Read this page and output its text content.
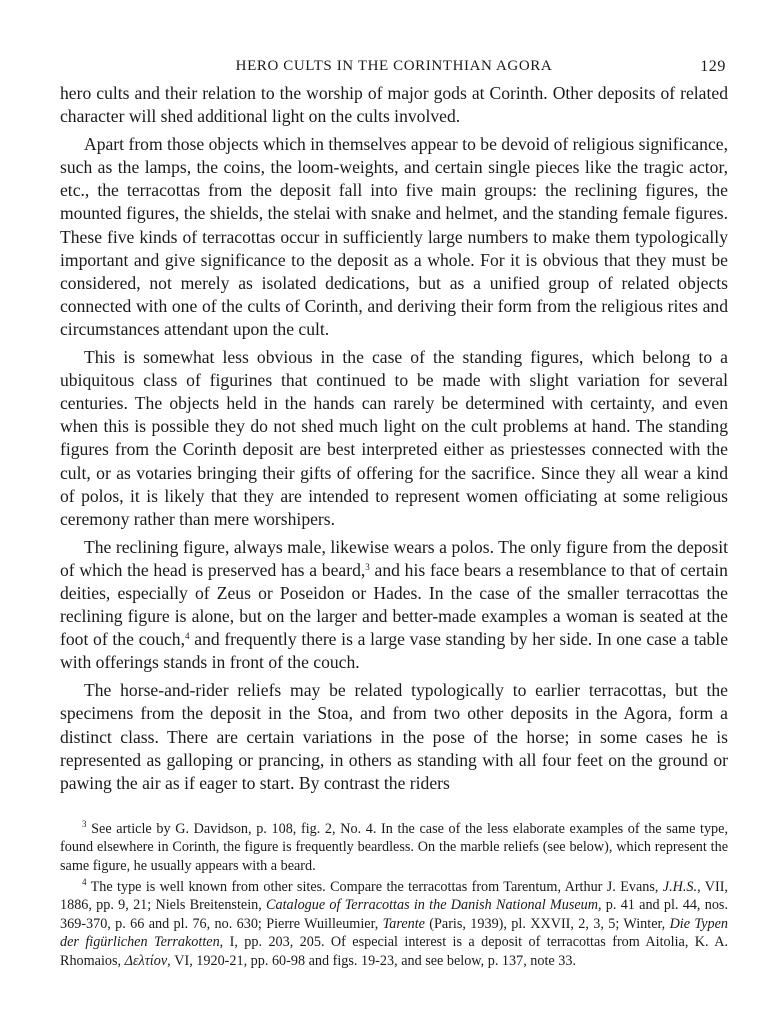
HERO CULTS IN THE CORINTHIAN AGORA	129

hero cults and their relation to the worship of major gods at Corinth. Other deposits of related character will shed additional light on the cults involved.

Apart from those objects which in themselves appear to be devoid of religious significance, such as the lamps, the coins, the loom-weights, and certain single pieces like the tragic actor, etc., the terracottas from the deposit fall into five main groups: the reclining figures, the mounted figures, the shields, the stelai with snake and helmet, and the standing female figures. These five kinds of terracottas occur in sufficiently large numbers to make them typologically important and give significance to the deposit as a whole. For it is obvious that they must be considered, not merely as isolated dedications, but as a unified group of related objects connected with one of the cults of Corinth, and deriving their form from the religious rites and circumstances attendant upon the cult.

This is somewhat less obvious in the case of the standing figures, which belong to a ubiquitous class of figurines that continued to be made with slight variation for several centuries. The objects held in the hands can rarely be determined with certainty, and even when this is possible they do not shed much light on the cult problems at hand. The standing figures from the Corinth deposit are best interpreted either as priestesses connected with the cult, or as votaries bringing their gifts of offering for the sacrifice. Since they all wear a kind of polos, it is likely that they are intended to represent women officiating at some religious ceremony rather than mere worshipers.

The reclining figure, always male, likewise wears a polos. The only figure from the deposit of which the head is preserved has a beard,$^3$ and his face bears a resemblance to that of certain deities, especially of Zeus or Poseidon or Hades. In the case of the smaller terracottas the reclining figure is alone, but on the larger and better-made examples a woman is seated at the foot of the couch,$^4$ and frequently there is a large vase standing by her side. In one case a table with offerings stands in front of the couch.

The horse-and-rider reliefs may be related typologically to earlier terracottas, but the specimens from the deposit in the Stoa, and from two other deposits in the Agora, form a distinct class. There are certain variations in the pose of the horse; in some cases he is represented as galloping or prancing, in others as standing with all four feet on the ground or pawing the air as if eager to start. By contrast the riders

$^3$ See article by G. Davidson, p. 108, fig. 2, No. 4. In the case of the less elaborate examples of the same type, found elsewhere in Corinth, the figure is frequently beardless. On the marble reliefs (see below), which represent the same figure, he usually appears with a beard.

$^4$ The type is well known from other sites. Compare the terracottas from Tarentum, Arthur J. Evans, J.H.S., VII, 1886, pp. 9, 21; Niels Breitenstein, Catalogue of Terracottas in the Danish National Museum, p. 41 and pl. 44, nos. 369-370, p. 66 and pl. 76, no. 630; Pierre Wuilleumier, Tarente (Paris, 1939), pl. XXVII, 2, 3, 5; Winter, Die Typen der figürlichen Terrakotten, I, pp. 203, 205. Of especial interest is a deposit of terracottas from Aitolia, K. A. Rhomaios, Δελτίον, VI, 1920-21, pp. 60-98 and figs. 19-23, and see below, p. 137, note 33.
